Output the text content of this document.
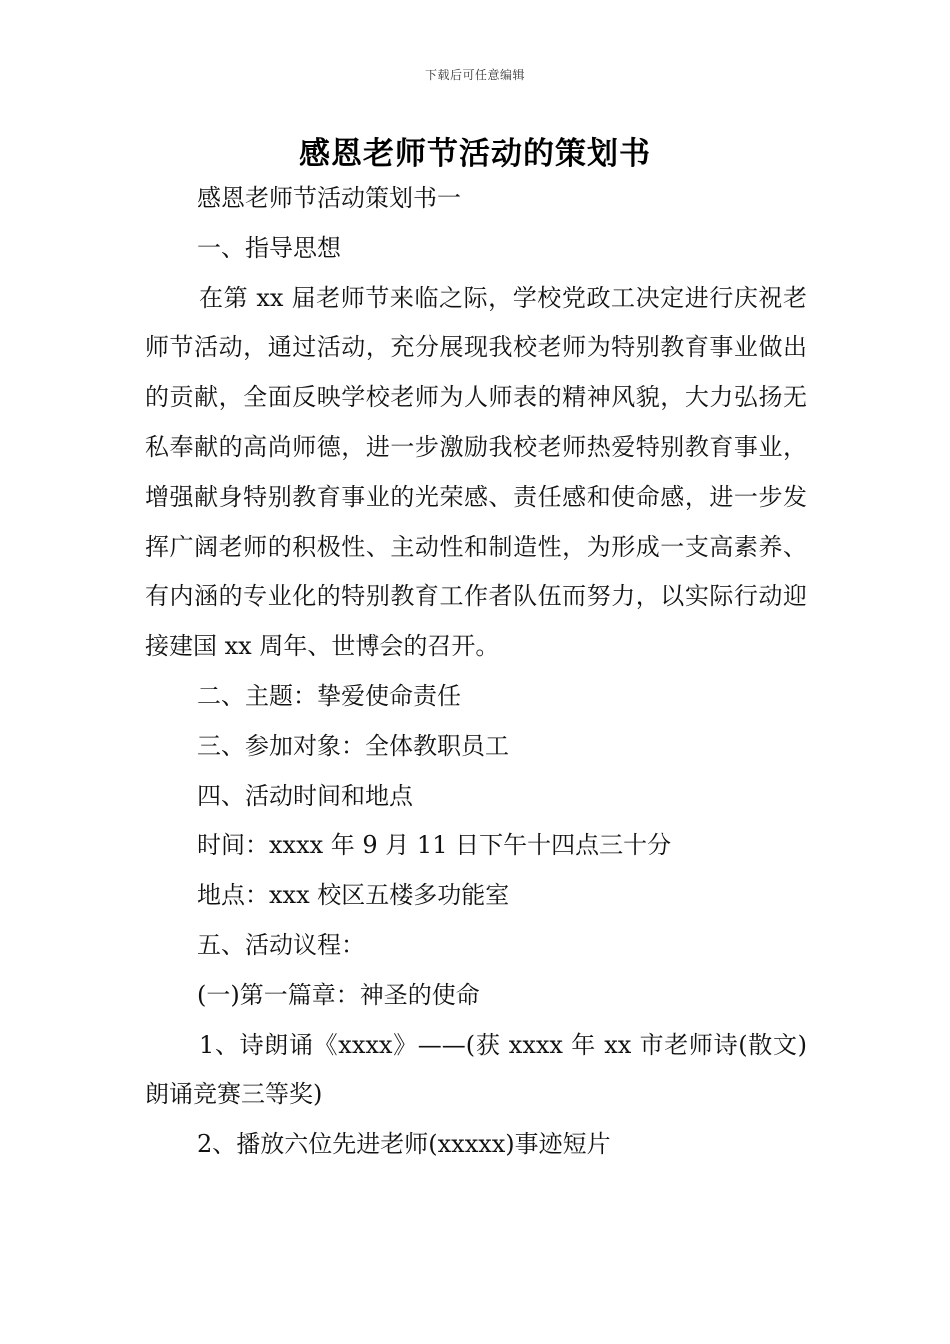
下载后可任意编辑
感恩老师节活动的策划书

感恩老师节活动策划书一

一、指导思想

在第 xx 届老师节来临之际，学校党政工决定进行庆祝老师节活动，通过活动，充分展现我校老师为特别教育事业做出的贡献，全面反映学校老师为人师表的精神风貌，大力弘扬无私奉献的高尚师德，进一步激励我校老师热爱特别教育事业，增强献身特别教育事业的光荣感、责任感和使命感，进一步发挥广阔老师的积极性、主动性和制造性，为形成一支高素养、有内涵的专业化的特别教育工作者队伍而努力，以实际行动迎接建国 xx 周年、世博会的召开。

二、主题：挚爱使命责任

三、参加对象：全体教职员工

四、活动时间和地点

时间：xxxx 年 9 月 11 日下午十四点三十分

地点：xxx 校区五楼多功能室

五、活动议程：

(一)第一篇章：神圣的使命

1、诗朗诵《xxxx》——(获 xxxx 年 xx 市老师诗(散文)朗诵竞赛三等奖)

2、播放六位先进老师(xxxxx)事迹短片
